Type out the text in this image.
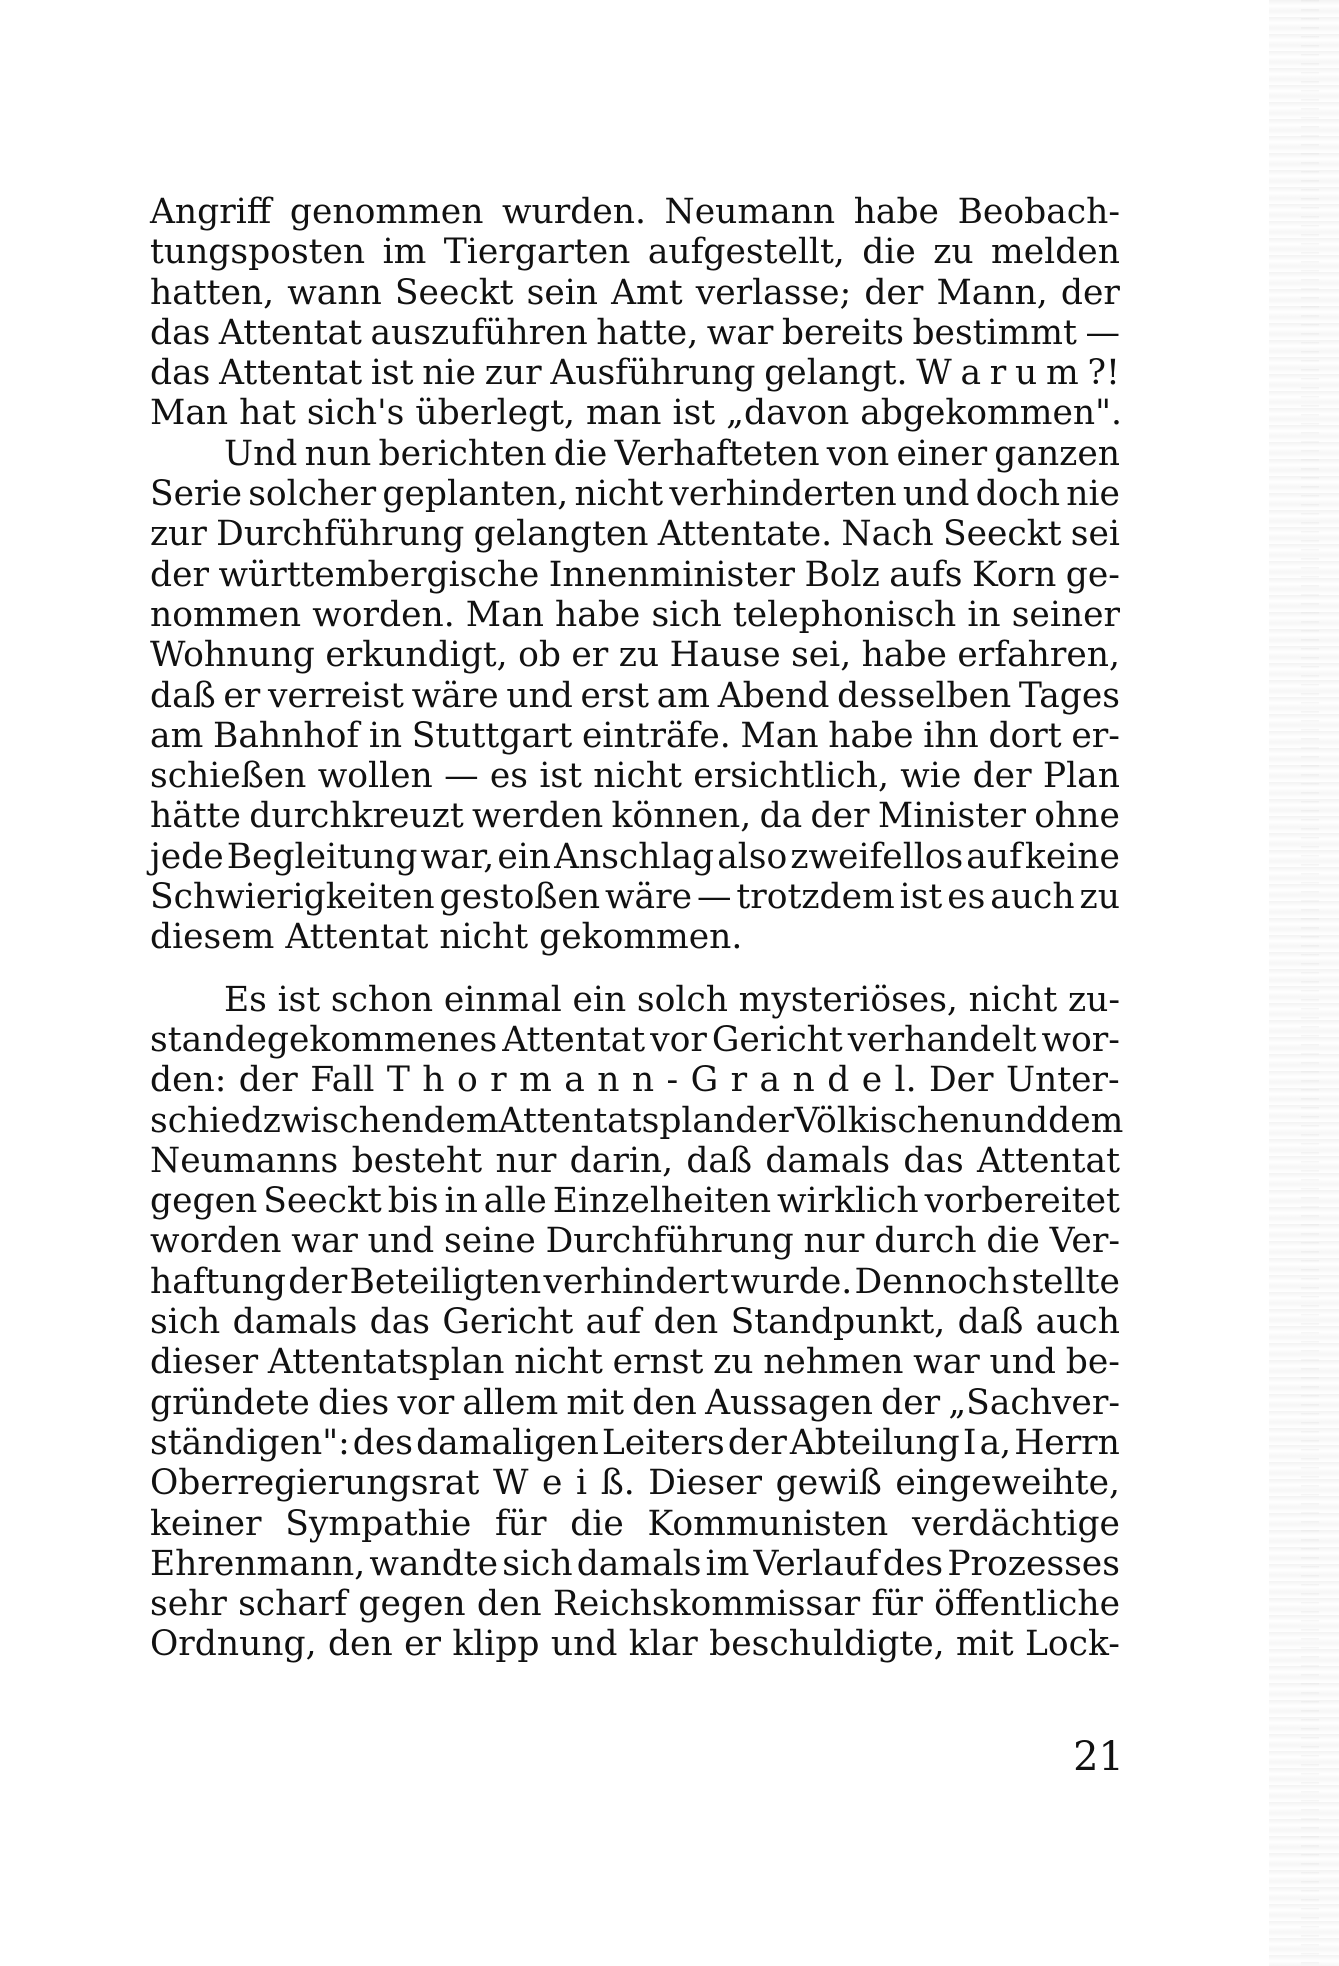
Angriff genommen wurden. Neumann habe Beobach-
tungsposten im Tiergarten aufgestellt, die zu melden
hatten, wann Seeckt sein Amt verlasse; der Mann, der
das Attentat auszuführen hatte, war bereits bestimmt —
das Attentat ist nie zur Ausführung gelangt. W a r u m ?!
Man hat sich's überlegt, man ist „davon abgekommen".
Und nun berichten die Verhafteten von einer ganzen
Serie solcher geplanten, nicht verhinderten und doch nie
zur Durchführung gelangten Attentate. Nach Seeckt sei
der württembergische Innenminister Bolz aufs Korn ge-
nommen worden. Man habe sich telephonisch in seiner
Wohnung erkundigt, ob er zu Hause sei, habe erfahren,
daß er verreist wäre und erst am Abend desselben Tages
am Bahnhof in Stuttgart einträfe. Man habe ihn dort er-
schießen wollen — es ist nicht ersichtlich, wie der Plan
hätte durchkreuzt werden können, da der Minister ohne
jede Begleitung war, ein Anschlag also zweifellos auf keine
Schwierigkeiten gestoßen wäre — trotzdem ist es auch zu
diesem Attentat nicht gekommen.
Es ist schon einmal ein solch mysteriöses, nicht zu-
standegekommenes Attentat vor Gericht verhandelt wor-
den: der Fall T h o r m a n n - G r a n d e l. Der Unter-
schied zwischen dem Attentatsplan der Völkischen und dem
Neumanns besteht nur darin, daß damals das Attentat
gegen Seeckt bis in alle Einzelheiten wirklich vorbereitet
worden war und seine Durchführung nur durch die Ver-
haftung der Beteiligten verhindert wurde. Dennoch stellte
sich damals das Gericht auf den Standpunkt, daß auch
dieser Attentatsplan nicht ernst zu nehmen war und be-
gründete dies vor allem mit den Aussagen der „Sachver-
ständigen": des damaligen Leiters der Abteilung I a, Herrn
Oberregierungsrat W e i ß. Dieser gewiß eingeweihte,
keiner Sympathie für die Kommunisten verdächtige
Ehrenmann, wandte sich damals im Verlauf des Prozesses
sehr scharf gegen den Reichskommissar für öffentliche
Ordnung, den er klipp und klar beschuldigte, mit Lock-
21
